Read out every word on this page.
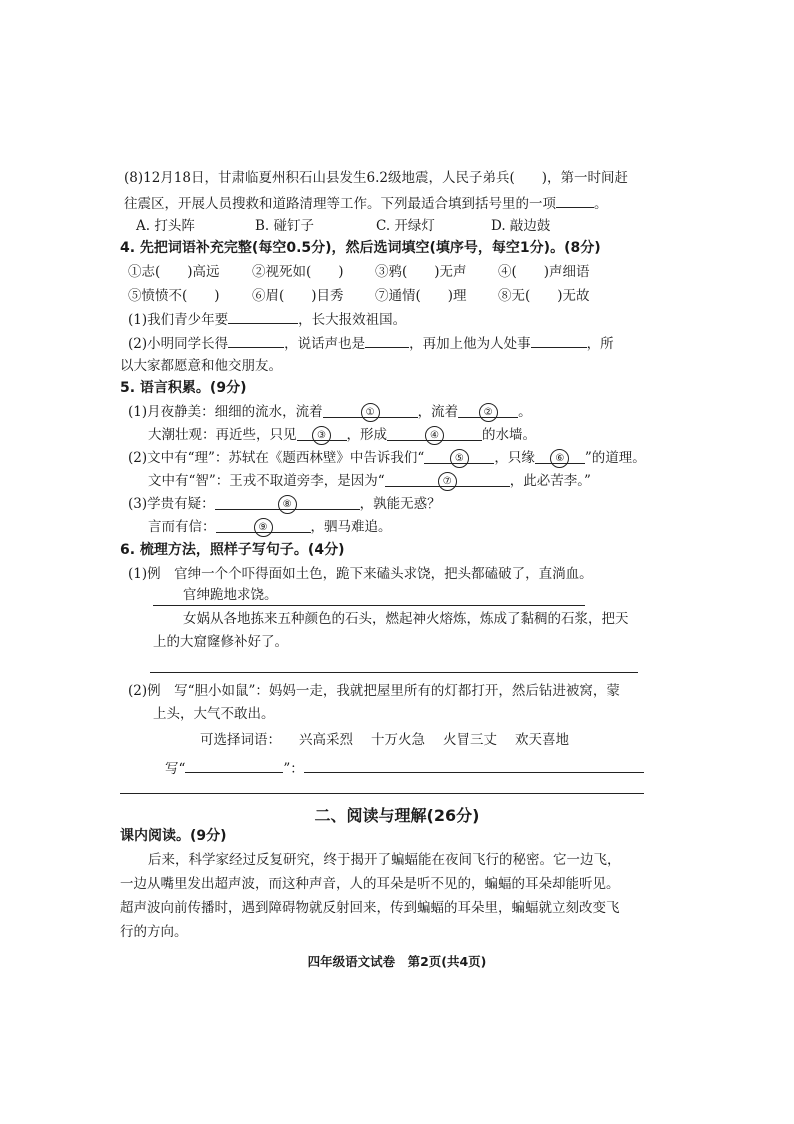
(8)12月18日，甘肃临夏州积石山县发生6.2级地震，人民子弟兵(　　)，第一时间赶
往震区，开展人员搜救和道路清理等工作。下列最适合填到括号里的一项	。
A. 打头阵	B. 碰钉子	C. 开绿灯	D. 敲边鼓
4. 先把词语补充完整(每空0.5分)，然后选词填空(填序号，每空1分)。(8分)
①志(　　)高远 ②视死如(　　) ③鸦(　　)无声 ④(　　)声细语
⑤愤愤不(　　) ⑥眉(　　)目秀 ⑦通情(　　)理 ⑧无(　　)无故
(1)我们青少年要	，长大报效祖国。
(2)小明同学长得	，说话声也是	，再加上他为人处事	，所
以大家都愿意和他交朋友。
5. 语言积累。(9分)
(1)月夜静美：细细的流水，流着	①	，流着	② 。
大潮壮观：再近些，只见 ③ ，形成	④	的水墙。
(2)文中有“理”：苏轼在《题西林壁》中告诉我们“	⑤ ，只缘 ⑥ ”的道理。
文中有“智”：王戎不取道旁李，是因为“	⑦	，此必苦李。”
(3)学贵有疑：	⑧	，孰能无惑？
言而有信：	⑨	，驷马难追。
6. 梳理方法，照样子写句子。(4分)
(1)例　官绅一个个吓得面如土色，跪下来磕头求饶，把头都磕破了，直淌血。
官绅跪地求饶。
女娲从各地拣来五种颜色的石头，燃起神火熔炼，炼成了黏稠的石浆，把天
上的大窟窿修补好了。
(2)例　写“胆小如鼠”：妈妈一走，我就把屋里所有的灯都打开，然后钻进被窝，蒙
上头，大气不敢出。
可选择词语： 兴高采烈 十万火急 火冒三丈 欢天喜地
写“	”：
二、阅读与理解(26分)
课内阅读。(9分)
后来，科学家经过反复研究，终于揭开了蝙蝠能在夜间飞行的秘密。它一边飞，
一边从嘴里发出超声波，而这种声音，人的耳朵是听不见的，蝙蝠的耳朵却能听见。
超声波向前传播时，遇到障碍物就反射回来，传到蝙蝠的耳朵里，蝙蝠就立刻改变飞
行的方向。
四年级语文试卷　第2页(共4页)
